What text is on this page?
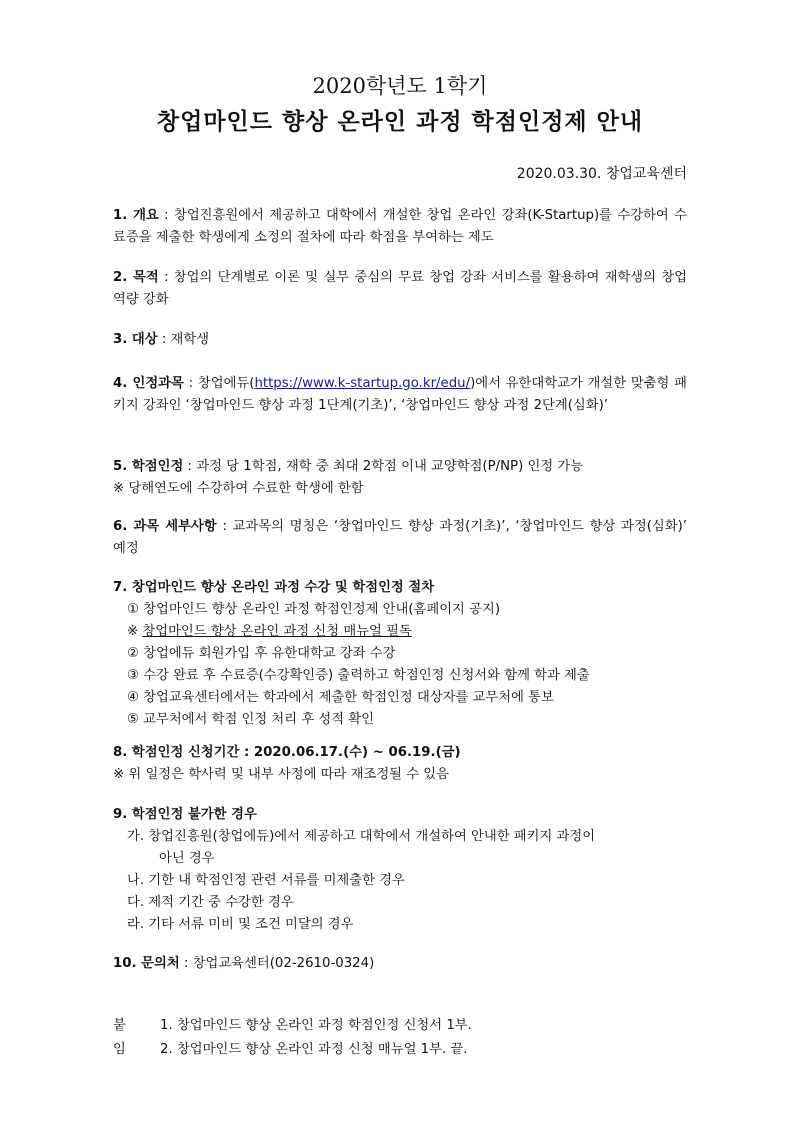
2020학년도 1학기
창업마인드 향상 온라인 과정 학점인정제 안내
2020.03.30. 창업교육센터
1. 개요 : 창업진흥원에서 제공하고 대학에서 개설한 창업 온라인 강좌(K-Startup)를 수강하여 수료증을 제출한 학생에게 소정의 절차에 따라 학점을 부여하는 제도
2. 목적 : 창업의 단계별로 이론 및 실무 중심의 무료 창업 강좌 서비스를 활용하여 재학생의 창업 역량 강화
3. 대상 : 재학생
4. 인정과목 : 창업에듀(https://www.k-startup.go.kr/edu/)에서 유한대학교가 개설한 맞춤형 패키지 강좌인 ‘창업마인드 향상 과정 1단계(기초)’, ‘창업마인드 향상 과정 2단계(심화)’
5. 학점인정 : 과정 당 1학점, 재학 중 최대 2학점 이내 교양학점(P/NP) 인정 가능
※ 당해연도에 수강하여 수료한 학생에 한함
6. 과목 세부사항 : 교과목의 명칭은 ‘창업마인드 향상 과정(기초)’, ‘창업마인드 향상 과정(심화)’ 예정
7. 창업마인드 향상 온라인 과정 수강 및 학점인정 절차
① 창업마인드 향상 온라인 과정 학점인정제 안내(홈페이지 공지)
※ 창업마인드 향상 온라인 과정 신청 매뉴얼 필독
② 창업에듀 회원가입 후 유한대학교 강좌 수강
③ 수강 완료 후 수료증(수강확인증) 출력하고 학점인정 신청서와 함께 학과 제출
④ 창업교육센터에서는 학과에서 제출한 학점인정 대상자를 교무처에 통보
⑤ 교무처에서 학점 인정 처리 후 성적 확인
8. 학점인정 신청기간 : 2020.06.17.(수) ~ 06.19.(금)
※ 위 일정은 학사력 및 내부 사정에 따라 재조정될 수 있음
9. 학점인정 불가한 경우
가. 창업진흥원(창업에듀)에서 제공하고 대학에서 개설하여 안내한 패키지 과정이
아닌 경우
나. 기한 내 학점인정 관련 서류를 미제출한 경우
다. 제적 기간 중 수강한 경우
라. 기타 서류 미비 및 조건 미달의 경우
10. 문의처 : 창업교육센터(02-2610-0324)
붙임
1. 창업마인드 향상 온라인 과정 학점인정 신청서 1부.
2. 창업마인드 향상 온라인 과정 신청 매뉴얼 1부. 끝.
